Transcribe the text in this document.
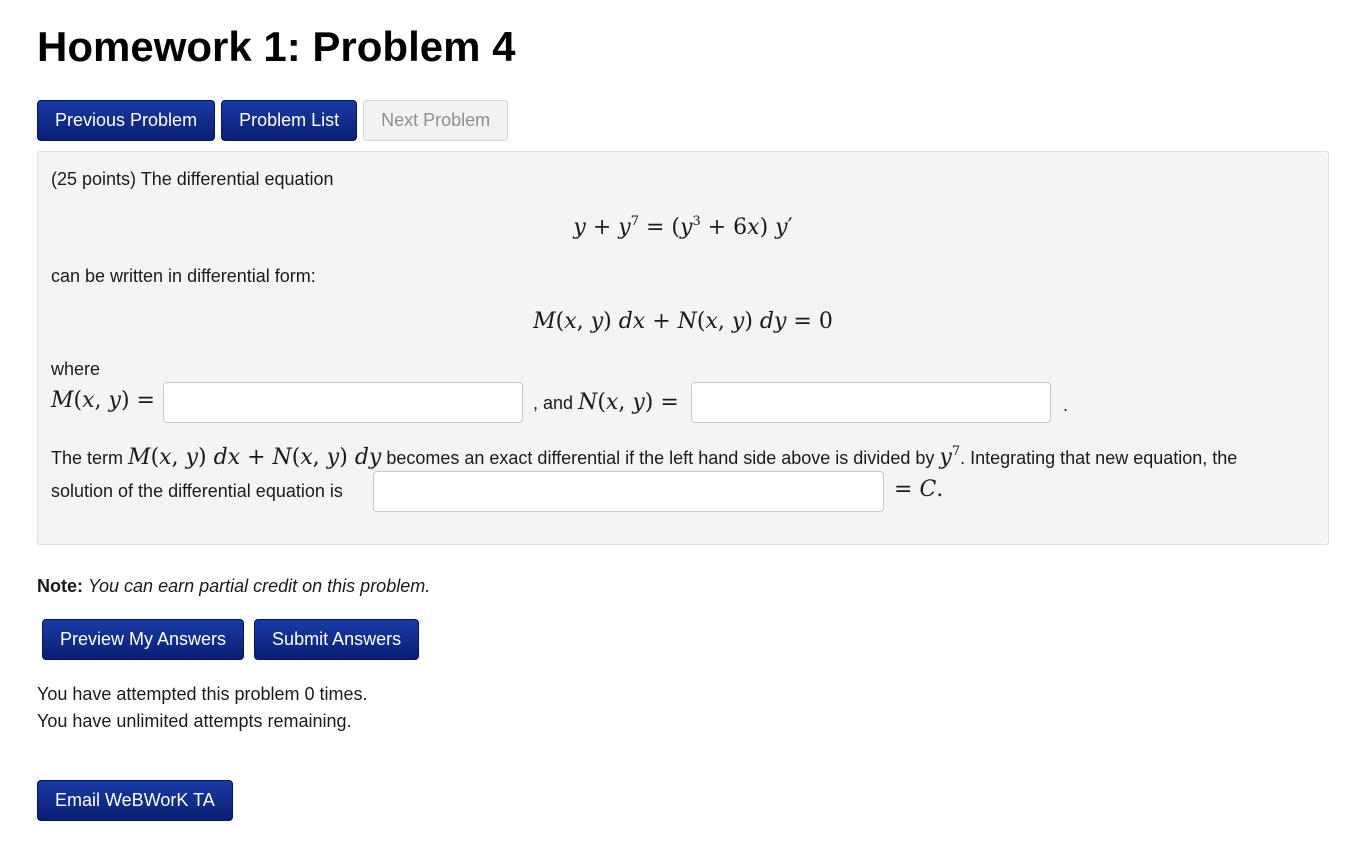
Homework 1: Problem 4
Previous Problem	Problem List	Next Problem
(25 points) The differential equation
$y + y^7 = (y^3 + 6x)$ y′
can be written in differential form:
M(x, y) dx + N(x, y) dy = 0
where
M(x, y) =	, and N(x, y) =	.
The term M(x, y) dx + N(x, y) dy becomes an exact differential if the left hand side above is divided by $y^7$. Integrating that new equation, the
solution of the differential equation is	= C.
Note: You can earn partial credit on this problem.
Preview My Answers	Submit Answers
You have attempted this problem 0 times.
You have unlimited attempts remaining.
Email WeBWorK TA
